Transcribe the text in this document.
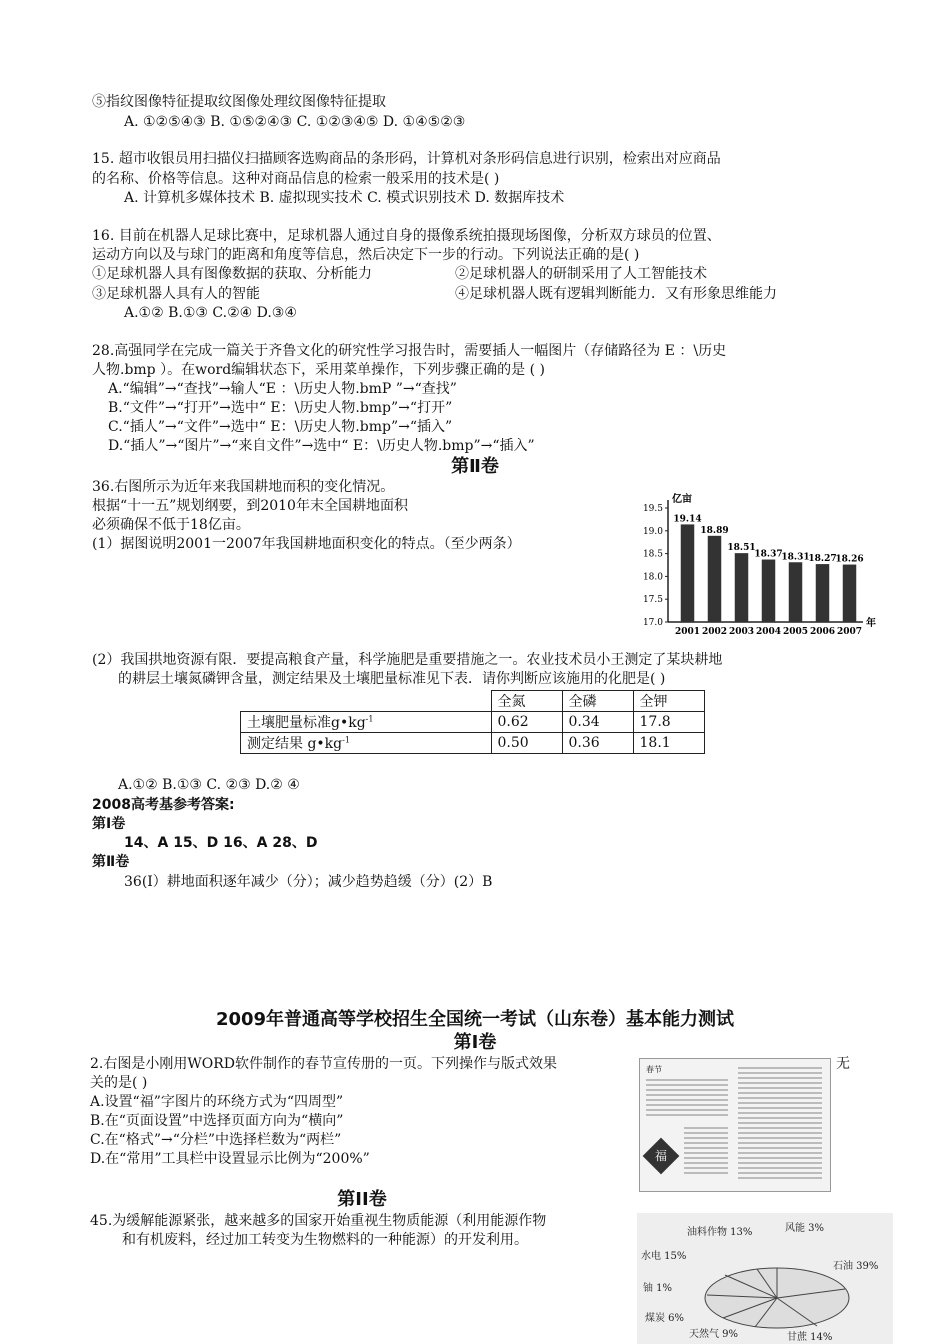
⑤指纹图像特征提取纹图像处理纹图像特征提取
A. ①②⑤④③ B. ①⑤②④③ C. ①②③④⑤ D. ①④⑤②③
15. 超市收银员用扫描仪扫描顾客选购商品的条形码，计算机对条形码信息进行识别，检索出对应商品
的名称、价格等信息。这种对商品信息的检索一般采用的技术是( )
A. 计算机多媒体技术 B. 虚拟现实技术 C. 模式识别技术 D. 数据库技术
16. 目前在机器人足球比赛中，足球机器人通过自身的摄像系统拍摄现场图像，分析双方球员的位置、
运动方向以及与球门的距离和角度等信息，然后决定下一步的行动。下列说法正确的是( )
①足球机器人具有图像数据的获取、分析能力	②足球机器人的研制采用了人工智能技术
③足球机器人具有人的智能	④足球机器人既有逻辑判断能力．又有形象思维能力
A.①② B.①③ C.②④ D.③④
28.高强同学在完成一篇关于齐鲁文化的研究性学习报告时，需要插人一幅图片（存储路径为 E ：\历史
人物.bmp ）。在word编辑状态下，采用菜单操作，下列步骤正确的是 ( )
A.“编辑”→“查找”→输人“E ：\历史人物.bmP ”→“查找”
B.“文件”→“打开”→选中“ E：\历史人物.bmp”→“打开”
C.“插人”→“文件”→选中“ E：\历史人物.bmp”→“插入”
D.“插人”→“图片”→“来自文件”→选中“ E：\历史人物.bmp”→“插入”
第Ⅱ卷
36.右图所示为近年来我国耕地而积的变化情况。
根据“十一五”规划纲要，到2010年末全国耕地面积
必须确保不低于18亿亩。
(1）据图说明2001一2007年我国耕地面积变化的特点。（至少两条）
亿亩
年
19.5
19.0
18.5
18.0
17.5
17.0
19.14
2001
18.89
2002
18.51
2003
18.37
2004
18.31
2005
18.27
2006
18.26
2007
(2）我国拱地资源有限．要提高粮食产量，科学施肥是重要措施之一。农业技术员小王测定了某块耕地
的耕层土壤氮磷钾含量，测定结果及土壤肥量标准见下表．请你判断应该施用的化肥是( )
	全氮	全磷	全钾
土壤肥量标准$g•kg^{-1}$	0.62	0.34	17.8
测定结果 $g•kg^{-1}$	0.50	0.36	18.1
A.①② B.①③ C. ②③ D.② ④
2008高考基参考答案:
第Ⅰ卷
14、A 15、D 16、A 28、D
第Ⅱ卷
36(Ⅰ）耕地面积逐年减少（分）；减少趋势趋缓（分）(2）B
2009年普通高等学校招生全国统一考试（山东卷）基本能力测试
第Ⅰ卷
2.右图是小刚用WORD软件制作的春节宣传册的一页。下列操作与版式效果	无
关的是( )
A.设置“福”字图片的环绕方式为“四周型”
B.在“页面设置”中选择页面方向为“横向”
C.在“格式”→“分栏”中选择栏数为“两栏”
D.在“常用”工具栏中设置显示比例为“200%”
春节
福
第II卷
45.为缓解能源紧张，越来越多的国家开始重视生物质能源（利用能源作物
和有机废料，经过加工转变为生物燃料的一种能源）的开发利用。	油料作物 13%	风能 3%
水电 15%
石油 39%
铀 1%
煤炭 6%
天然气 9%	甘蔗 14%
